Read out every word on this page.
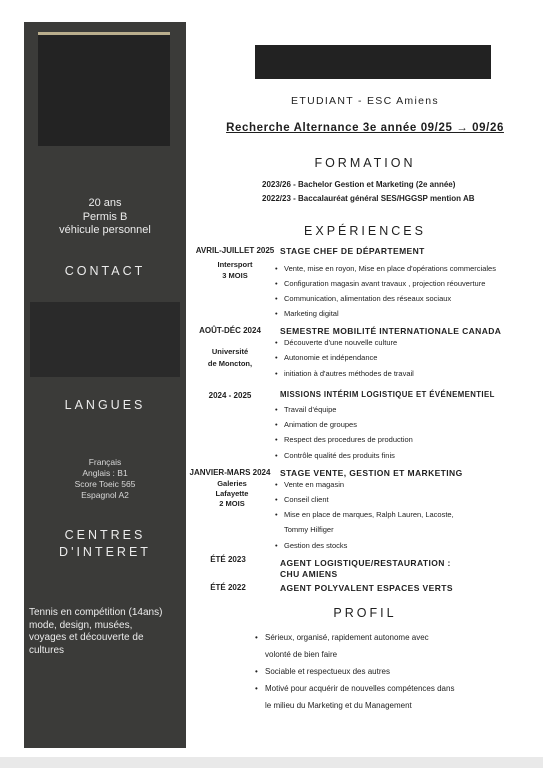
20 ans
Permis B
véhicule personnel
CONTACT
LANGUES
Français
Anglais : B1
Score Toeic 565
Espagnol A2
CENTRES
D'INTERET
Tennis en compétition (14ans)
mode, design, musées,
voyages et découverte de
cultures
ETUDIANT - ESC Amiens
Recherche Alternance 3e année 09/25 → 09/26
FORMATION
2023/26 - Bachelor Gestion et Marketing (2e année)
2022/23 - Baccalauréat général SES/HGGSP mention AB
EXPÉRIENCES
AVRIL-JUILLET 2025
Intersport
3 MOIS
STAGE CHEF DE DÉPARTEMENT
• Vente, mise en royon, Mise en place d'opérations commerciales
• Configuration magasin avant travaux , projection réouverture
• Communication, alimentation des réseaux sociaux
• Marketing digital
AOÛT-DÉC 2024
Université
de Moncton,
SEMESTRE MOBILITÉ INTERNATIONALE CANADA
• Découverte d'une nouvelle culture
• Autonomie et indépendance
• initiation à d'autres méthodes de travail
2024 - 2025	MISSIONS INTÉRIM LOGISTIQUE ET ÉVÉNEMENTIEL
• Travail d'équipe
• Animation de groupes
• Respect des procedures de production
• Contrôle qualité des produits finis
JANVIER-MARS 2024
Galeries
Lafayette
2 MOIS
STAGE VENTE, GESTION ET MARKETING
• Vente en magasin
• Conseil client
• Mise en place de marques, Ralph Lauren, Lacoste,
Tommy Hilfiger
• Gestion des stocks
ÉTÉ 2023	AGENT LOGISTIQUE/RESTAURATION :
CHU AMIENS
ÉTÉ 2022	AGENT POLYVALENT ESPACES VERTS
PROFIL
• Sérieux, organisé, rapidement autonome avec
volonté de bien faire
• Sociable et respectueux des autres
• Motivé pour acquérir de nouvelles compétences dans
le milieu du Marketing et du Management
